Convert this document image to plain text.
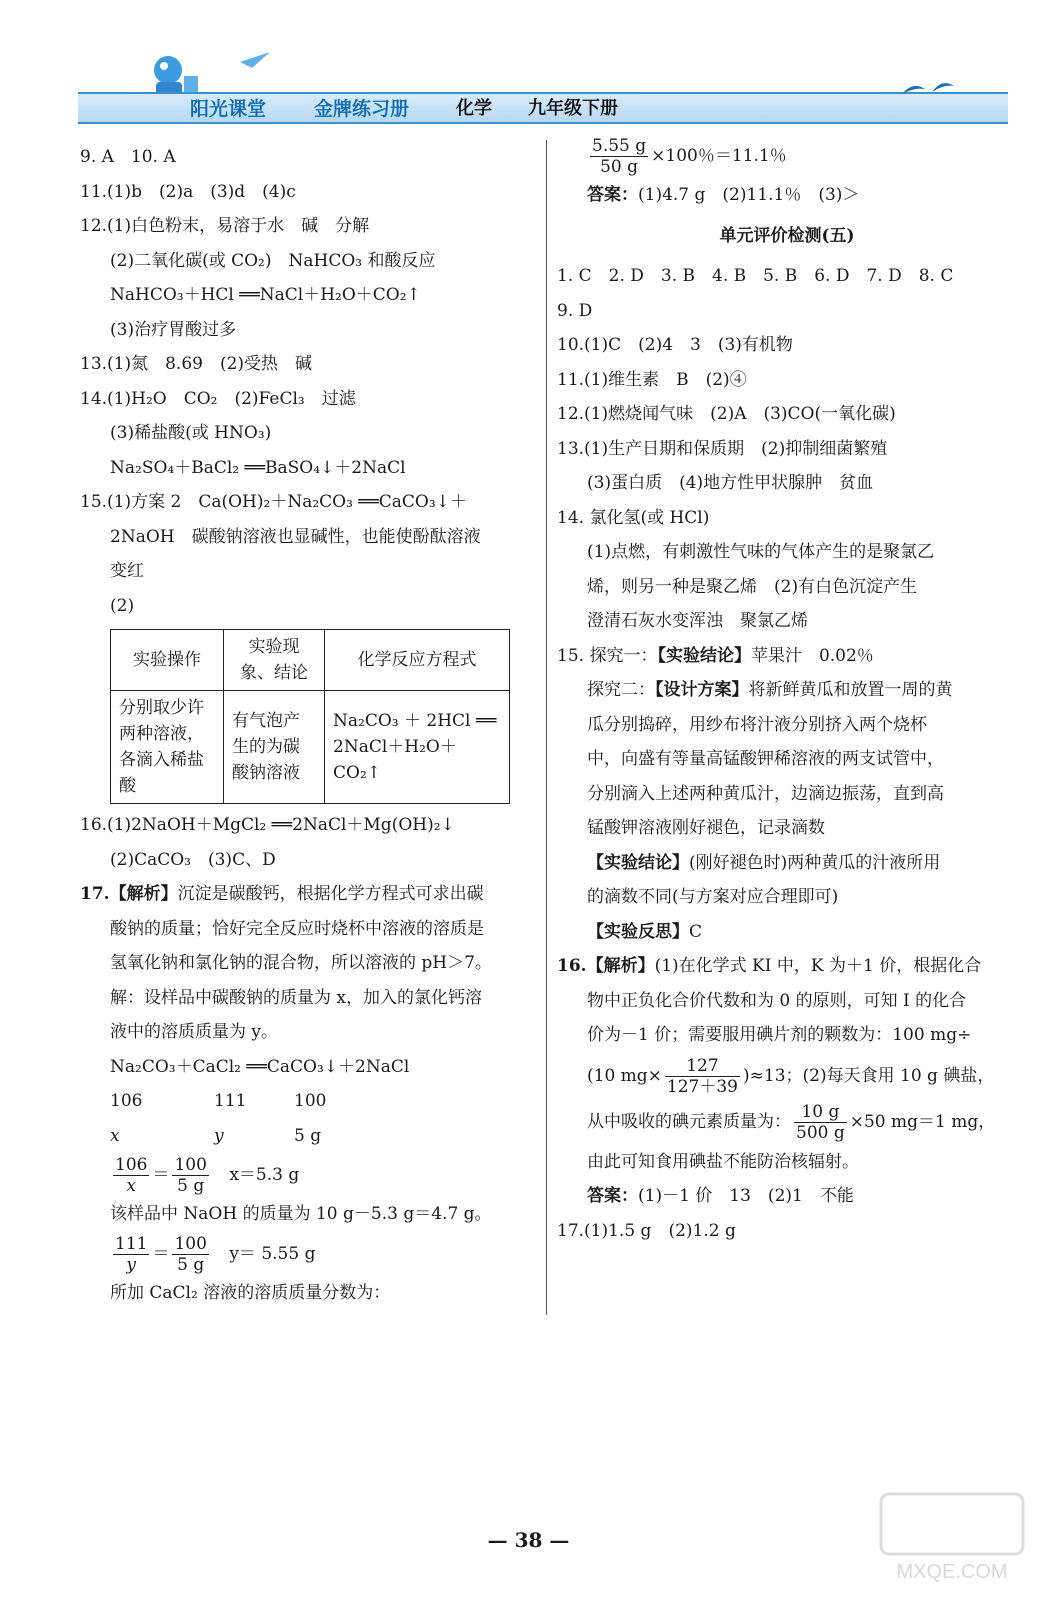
阳光课堂	金牌练习册	化学 九年级下册
9. A　10. A
11.(1)b　(2)a　(3)d　(4)c
12.(1)白色粉末，易溶于水　碱　分解
(2)二氧化碳(或 CO₂)　NaHCO₃ 和酸反应
NaHCO₃＋HCl ══NaCl＋H₂O＋CO₂↑
(3)治疗胃酸过多
13.(1)氮　8.69　(2)受热　碱
14.(1)H₂O　CO₂　(2)FeCl₃　过滤
(3)稀盐酸(或 HNO₃)
Na₂SO₄＋BaCl₂ ══BaSO₄↓＋2NaCl
15.(1)方案 2　Ca(OH)₂＋Na₂CO₃ ══CaCO₃↓＋
2NaOH　碳酸钠溶液也显碱性，也能使酚酞溶液
变红
(2)
实验操作	实验现象、结论	化学反应方程式
分别取少许两种溶液，各滴入稀盐酸	有气泡产生的为碳酸钠溶液	Na₂CO₃ ＋ 2HCl ══
2NaCl＋H₂O＋CO₂↑
16.(1)2NaOH＋MgCl₂ ══2NaCl＋Mg(OH)₂↓
(2)CaCO₃　(3)C、D
17.【解析】沉淀是碳酸钙，根据化学方程式可求出碳
酸钠的质量；恰好完全反应时烧杯中溶液的溶质是
氢氧化钠和氯化钠的混合物，所以溶液的 pH＞7。
解：设样品中碳酸钠的质量为 x，加入的氯化钙溶
液中的溶质质量为 y。
Na₂CO₃＋CaCl₂ ══CaCO₃↓＋2NaCl
106	111	100
x	y	5 g
$\frac{106}{x} = \frac{100}{5 g} x=5.3$ g
该样品中 NaOH 的质量为 10 g－5.3 g＝4.7 g。
$\frac{111}{y} = \frac{100}{5 g} y= 5.55$ g
所加 CaCl₂ 溶液的溶质质量分数为：
$\frac{5.55 g}{50 g} \times 100$％＝11.1％
答案：(1)4.7 g　(2)11.1％　(3)＞
单元评价检测(五)
1. C　2. D　3. B　4. B　5. B　6. D　7. D　8. C
9. D
10.(1)C　(2)4　3　(3)有机物
11.(1)维生素　B　(2)④
12.(1)燃烧闻气味　(2)A　(3)CO(一氧化碳)
13.(1)生产日期和保质期　(2)抑制细菌繁殖
(3)蛋白质　(4)地方性甲状腺肿　贫血
14. 氯化氢(或 HCl)
(1)点燃，有刺激性气味的气体产生的是聚氯乙
烯，则另一种是聚乙烯　(2)有白色沉淀产生
澄清石灰水变浑浊　聚氯乙烯
15. 探究一：【实验结论】苹果汁　0.02％
探究二：【设计方案】将新鲜黄瓜和放置一周的黄
瓜分别捣碎，用纱布将汁液分别挤入两个烧杯
中，向盛有等量高锰酸钾稀溶液的两支试管中，
分别滴入上述两种黄瓜汁，边滴边振荡，直到高
锰酸钾溶液刚好褪色，记录滴数
【实验结论】(刚好褪色时)两种黄瓜的汁液所用
的滴数不同(与方案对应合理即可)
【实验反思】C
16.【解析】(1)在化学式 KI 中，K 为＋1 价，根据化合
物中正负化合价代数和为 0 的原则，可知 I 的化合
价为－1 价；需要服用碘片剂的颗数为：100 mg÷
(10 $mg\times \frac{127}{127+39} )\approx 13$；(2)每天食用 10 g 碘盐，
从中吸收的碘元素质量为： $\frac{10 g}{500 g} \times 50$ mg＝1 mg，
由此可知食用碘盐不能防治核辐射。
答案：(1)－1 价　13　(2)1　不能
17.(1)1.5 g　(2)1.2 g
— 38 —
MXQE.COM
